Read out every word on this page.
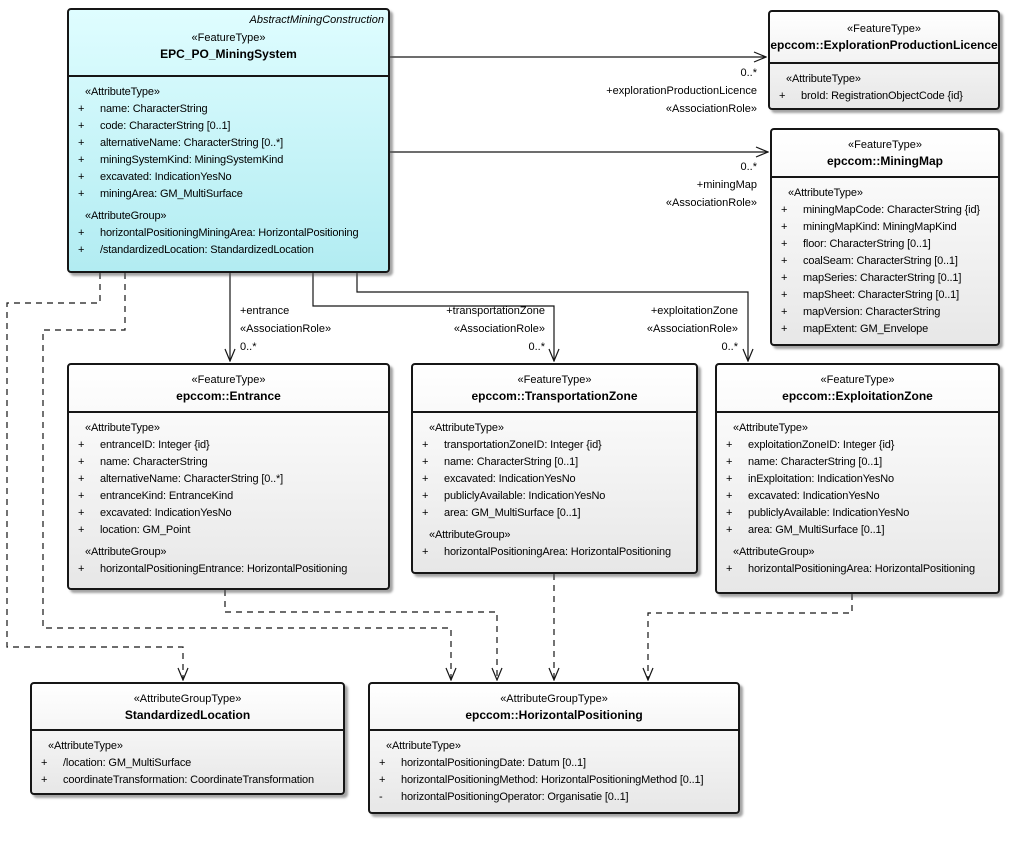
AbstractMiningConstruction
«FeatureType»
EPC_PO_MiningSystem
«AttributeType»
+	name: CharacterString
+	code: CharacterString [0..1]
+	alternativeName: CharacterString [0..*]
+	miningSystemKind: MiningSystemKind
+	excavated: IndicationYesNo
+	miningArea: GM_MultiSurface
«AttributeGroup»
+	horizontalPositioningMiningArea: HorizontalPositioning
+	/standardizedLocation: StandardizedLocation
«FeatureType»
epccom::ExplorationProductionLicence
«AttributeType»
+	broId: RegistrationObjectCode {id}
«FeatureType»
epccom::MiningMap
«AttributeType»
+	miningMapCode: CharacterString {id}
+	miningMapKind: MiningMapKind
+	floor: CharacterString [0..1]
+	coalSeam: CharacterString [0..1]
+	mapSeries: CharacterString [0..1]
+	mapSheet: CharacterString [0..1]
+	mapVersion: CharacterString
+	mapExtent: GM_Envelope
«FeatureType»
epccom::Entrance
«AttributeType»
+	entranceID: Integer {id}
+	name: CharacterString
+	alternativeName: CharacterString [0..*]
+	entranceKind: EntranceKind
+	excavated: IndicationYesNo
+	location: GM_Point
«AttributeGroup»
+	horizontalPositioningEntrance: HorizontalPositioning
«FeatureType»
epccom::TransportationZone
«AttributeType»
+	transportationZoneID: Integer {id}
+	name: CharacterString [0..1]
+	excavated: IndicationYesNo
+	publiclyAvailable: IndicationYesNo
+	area: GM_MultiSurface [0..1]
«AttributeGroup»
+	horizontalPositioningArea: HorizontalPositioning
«FeatureType»
epccom::ExploitationZone
«AttributeType»
+	exploitationZoneID: Integer {id}
+	name: CharacterString [0..1]
+	inExploitation: IndicationYesNo
+	excavated: IndicationYesNo
+	publiclyAvailable: IndicationYesNo
+	area: GM_MultiSurface [0..1]
«AttributeGroup»
+	horizontalPositioningArea: HorizontalPositioning
«AttributeGroupType»
StandardizedLocation
«AttributeType»
+	/location: GM_MultiSurface
+	coordinateTransformation: CoordinateTransformation
«AttributeGroupType»
epccom::HorizontalPositioning
«AttributeType»
+	horizontalPositioningDate: Datum [0..1]
+	horizontalPositioningMethod: HorizontalPositioningMethod [0..1]
-	horizontalPositioningOperator: Organisatie [0..1]
0..*
+explorationProductionLicence
«AssociationRole»
0..*
+miningMap
«AssociationRole»
+entrance
«AssociationRole»
0..*
+transportationZone
«AssociationRole»
0..*
+exploitationZone
«AssociationRole»
0..*
